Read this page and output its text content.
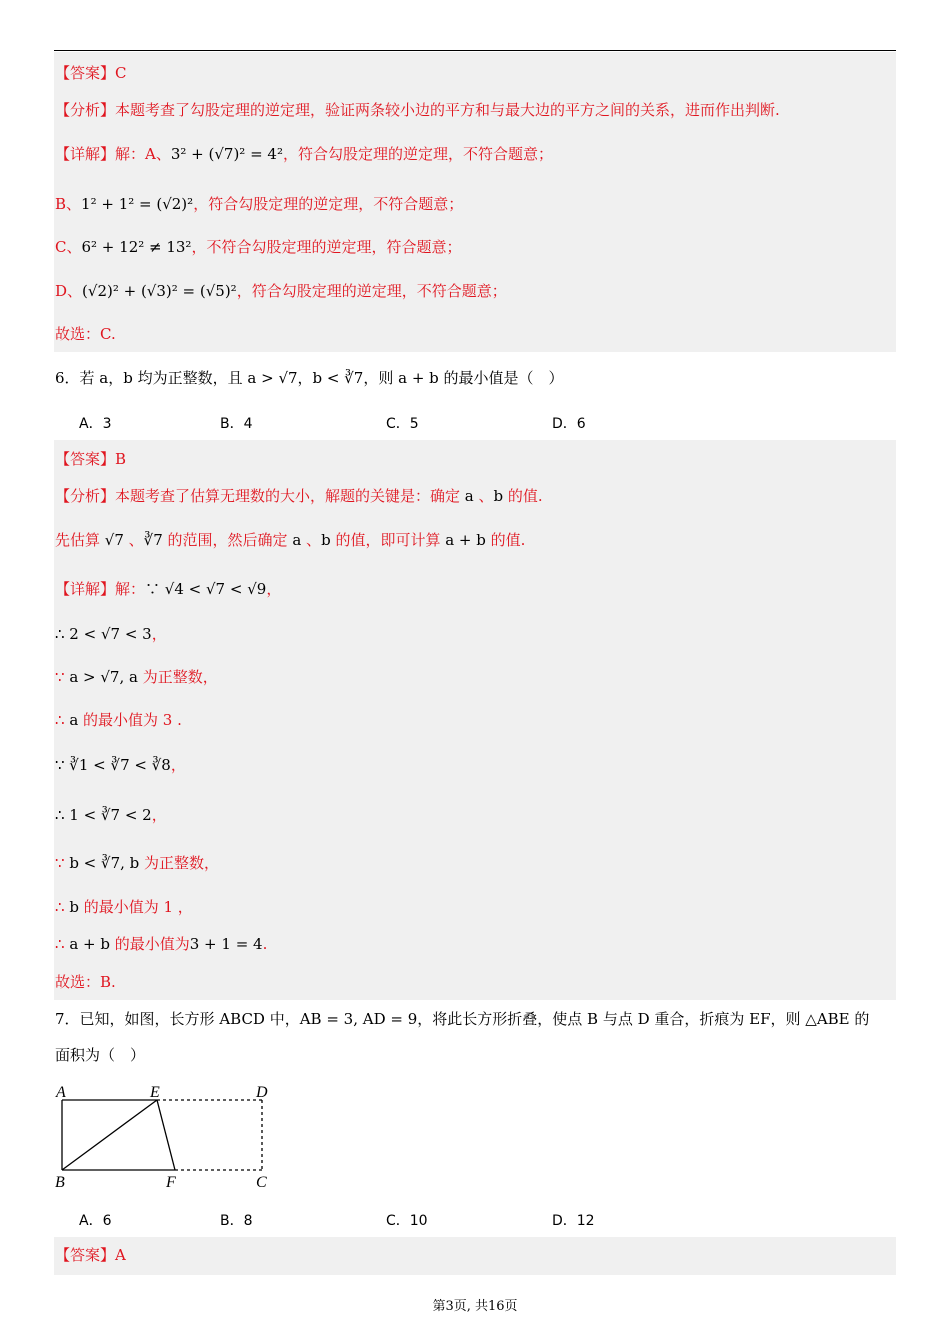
6．若 a，b 均为正整数，且 a > √7，b < ∛7，则 a + b 的最小值是（　）
A．3	B．4	C．5	D．6
7．已知，如图，长方形 ABCD 中，AB = 3, AD = 9，将此长方形折叠，使点 B 与点 D 重合，折痕为 EF，则 △ABE 的
面积为（　）
A	E	D
B	F	C
A．6	B．8	C．10	D．12
第3页, 共16页
【答案】C
【分析】本题考查了勾股定理的逆定理，验证两条较小边的平方和与最大边的平方之间的关系，进而作出判断.
【详解】解：A、3² + (√7)² = 4²，符合勾股定理的逆定理，不符合题意；
B、1² + 1² = (√2)²，符合勾股定理的逆定理，不符合题意；
C、6² + 12² ≠ 13²，不符合勾股定理的逆定理，符合题意；
D、(√2)² + (√3)² = (√5)²，符合勾股定理的逆定理，不符合题意；
故选：C.
【答案】B
【分析】本题考查了估算无理数的大小，解题的关键是：确定 a 、b 的值.
先估算 √7 、∛7 的范围，然后确定 a 、b 的值，即可计算 a + b 的值.
【详解】解：∵ √4 < √7 < √9，
∴ 2 < √7 < 3，
∵ a > √7, a 为正整数，
∴ a 的最小值为 3 .
∵ ∛1 < ∛7 < ∛8，
∴ 1 < ∛7 < 2，
∵ b < ∛7, b 为正整数，
∴ b 的最小值为 1 ，
∴ a + b 的最小值为3 + 1 = 4.
故选：B.
【答案】A
